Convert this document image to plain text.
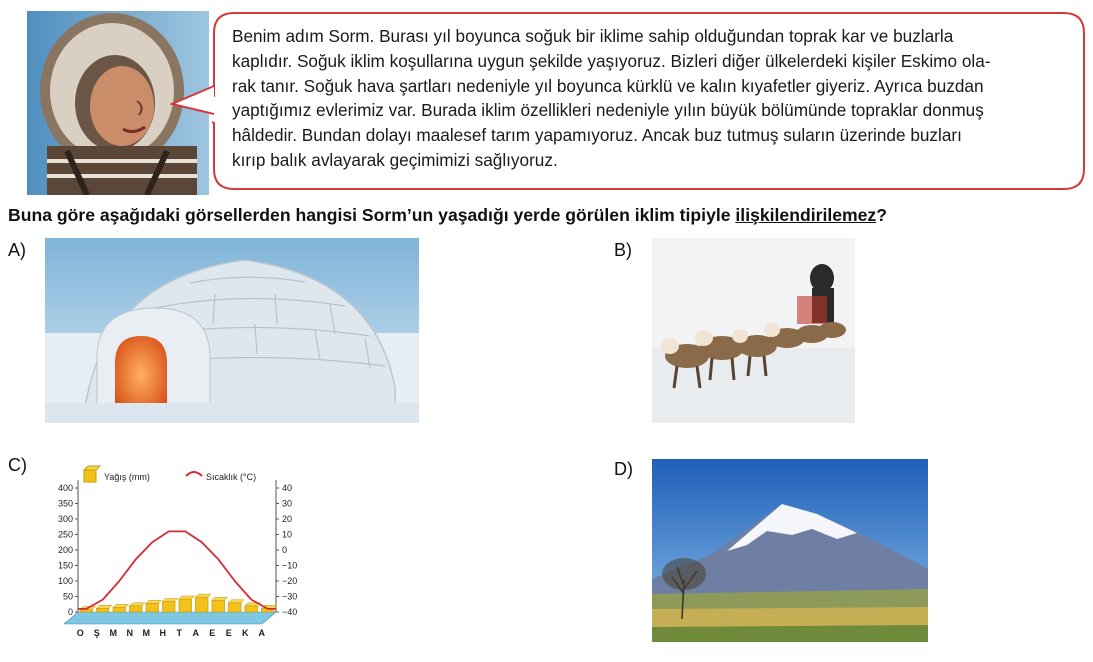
Benim adım Sorm. Burası yıl boyunca soğuk bir iklime sahip olduğundan toprak kar ve buzlarla
kaplıdır. Soğuk iklim koşullarına uygun şekilde yaşıyoruz. Bizleri diğer ülkelerdeki kişiler Eskimo ola-
rak tanır. Soğuk hava şartları nedeniyle yıl boyunca kürklü ve kalın kıyafetler giyeriz. Ayrıca buzdan
yaptığımız evlerimiz var. Burada iklim özellikleri nedeniyle yılın büyük bölümünde topraklar donmuş
hâldedir. Bundan dolayı maalesef tarım yapamıyoruz. Ancak buz tutmuş suların üzerinde buzları
kırıp balık avlayarak geçimimizi sağlıyoruz.
Buna göre aşağıdaki görsellerden hangisi Sorm’un yaşadığı yerde görülen iklim tipiyle ilişkilendirilemez?
A)	B)
C)	D)
Yağış (mm)	Sıcaklık (°C)
400
350
300
250
200
150
100
50
0
40
30
20
10
0
−10
−20
−30
−40
O Ş M N M H T A E E K A
